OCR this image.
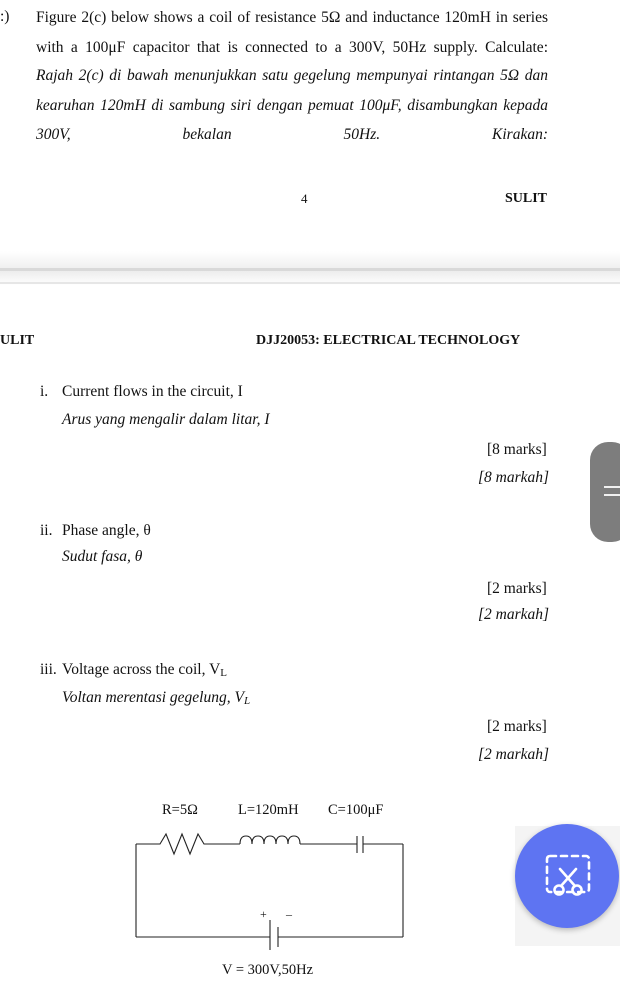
:) Figure 2(c) below shows a coil of resistance 5Ω and inductance 120mH in series with a 100μF capacitor that is connected to a 300V, 50Hz supply. Calculate:
Rajah 2(c) di bawah menunjukkan satu gegelung mempunyai rintangan 5Ω dan kearuhan 120mH di sambung siri dengan pemuat 100μF, disambungkan kepada 300V, bekalan 50Hz. Kirakan:
4	SULIT
ULIT	DJJ20053: ELECTRICAL TECHNOLOGY
i. Current flows in the circuit, I
Arus yang mengalir dalam litar, I
[8 marks]
[8 markah]
ii. Phase angle, θ
Sudut fasa, θ
[2 marks]
[2 markah]
iii. Voltage across the coil, $V_L$
Voltan merentasi gegelung, $V_L$
[2 marks]
[2 markah]
R=5Ω	L=120mH C=100μF
+ –
V = 300V,50Hz
